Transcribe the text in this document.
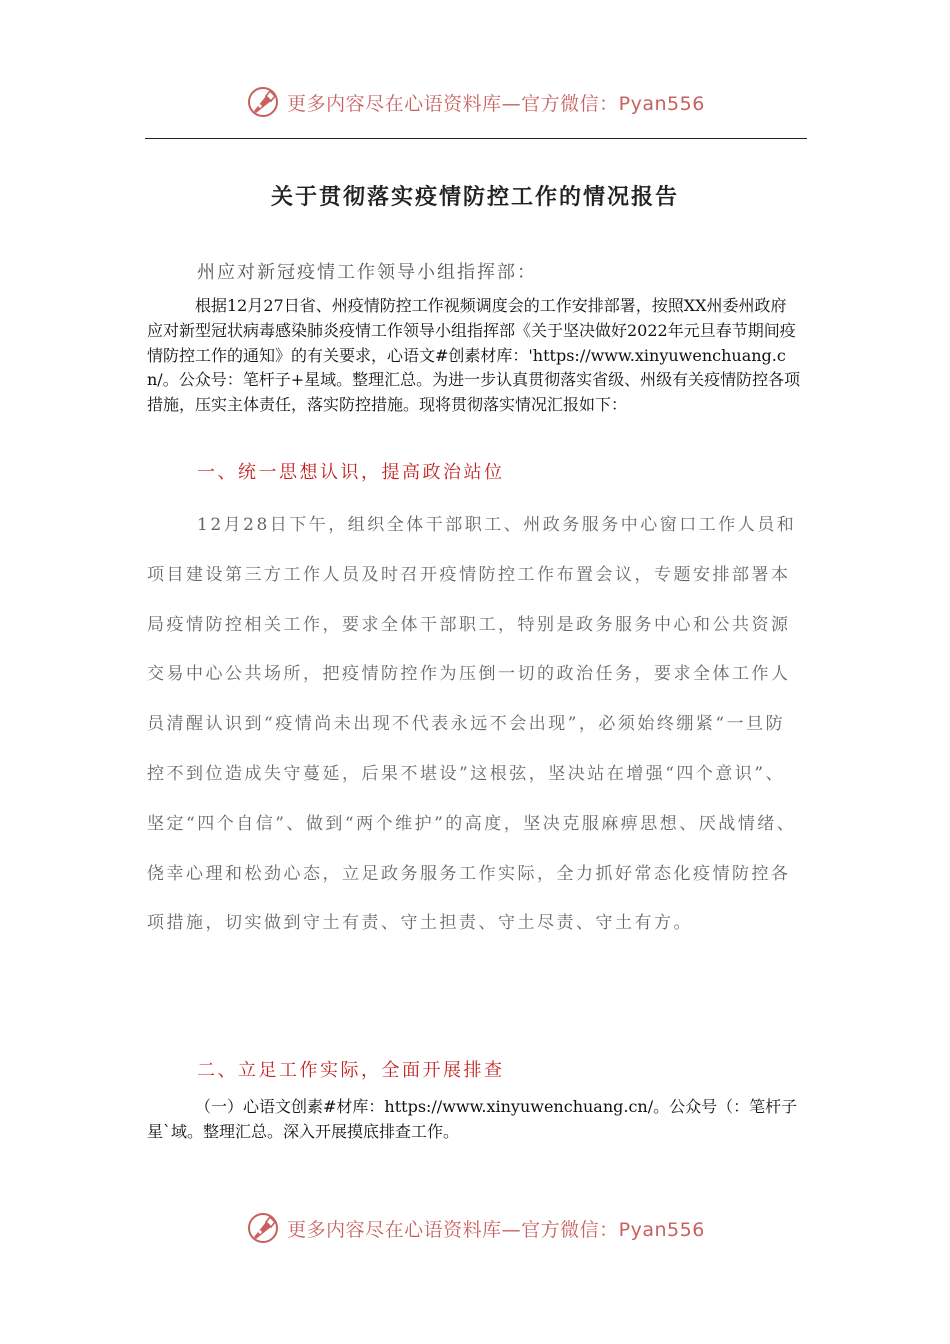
更多内容尽在心语资料库—官方微信：Pyan556
关于贯彻落实疫情防控工作的情况报告
州应对新冠疫情工作领导小组指挥部：

根据12月27日省、州疫情防控工作视频调度会的工作安排部署，按照XX州委州政府应对新型冠状病毒感染肺炎疫情工作领导小组指挥部《关于坚决做好2022年元旦春节期间疫情防控工作的通知》的有关要求，心语文#创素材库：'https://www.xinyuwenchuang.cn/。公众号：笔杆子+星域。整理汇总。为进一步认真贯彻落实省级、州级有关疫情防控各项措施，压实主体责任，落实防控措施。现将贯彻落实情况汇报如下：

一、统一思想认识，提高政治站位

12月28日下午，组织全体干部职工、州政务服务中心窗口工作人员和项目建设第三方工作人员及时召开疫情防控工作布置会议，专题安排部署本局疫情防控相关工作，要求全体干部职工，特别是政务服务中心和公共资源交易中心公共场所，把疫情防控作为压倒一切的政治任务，要求全体工作人员清醒认识到“疫情尚未出现不代表永远不会出现”，必须始终绷紧“一旦防控不到位造成失守蔓延，后果不堪设”这根弦，坚决站在增强“四个意识”、坚定“四个自信”、做到“两个维护”的高度，坚决克服麻痹思想、厌战情绪、侥幸心理和松劲心态，立足政务服务工作实际，全力抓好常态化疫情防控各项措施，切实做到守土有责、守土担责、守土尽责、守土有方。

二、立足工作实际，全面开展排查

（一）心语文创素#材库：https://www.xinyuwenchuang.cn/。公众号（：笔杆子星`域。整理汇总。深入开展摸底排查工作。

更多内容尽在心语资料库—官方微信：Pyan556
